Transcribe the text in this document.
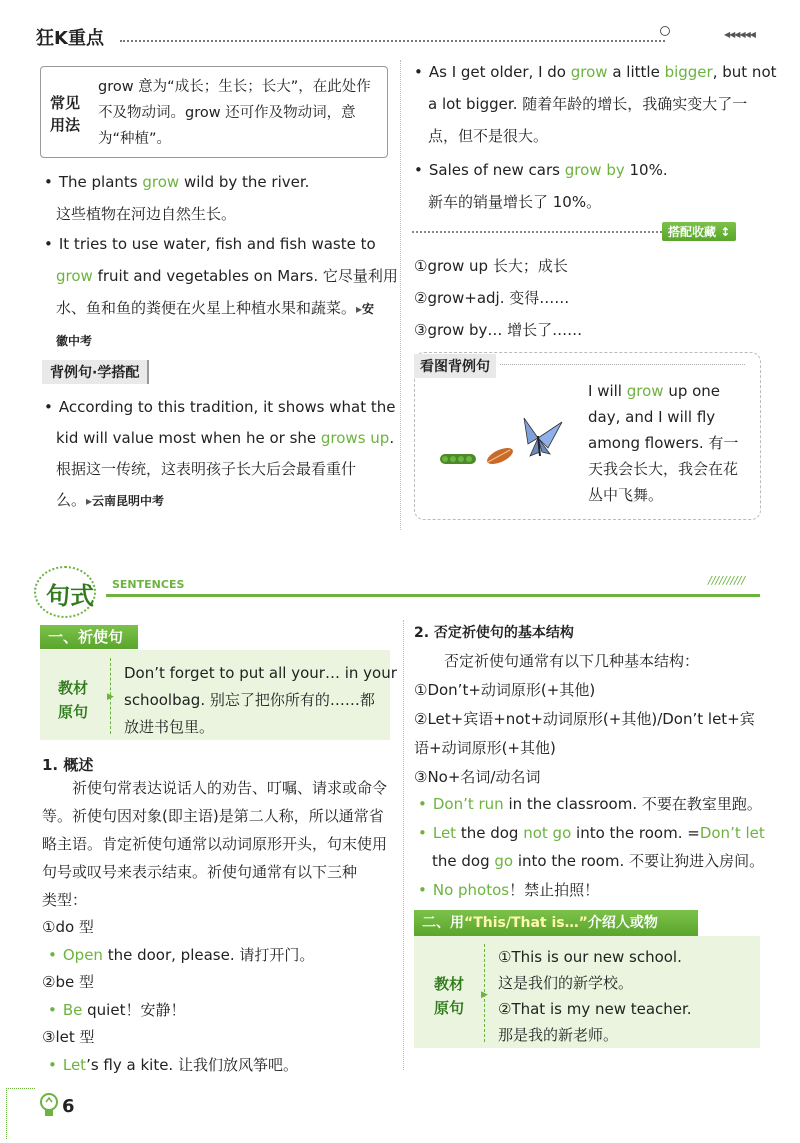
狂K重点	◀◀◀◀◀◀
常见
用法
grow 意为“成长；生长；长大”，在此处作
不及物动词。grow 还可作及物动词，意
为“种植”。
• The plants grow wild by the river.
这些植物在河边自然生长。
• It tries to use water, fish and fish waste to
grow fruit and vegetables on Mars. 它尽量利用
水、鱼和鱼的粪便在火星上种植水果和蔬菜。▸安
徽中考
背例句·学搭配
• According to this tradition, it shows what the
kid will value most when he or she grows up.
根据这一传统，这表明孩子长大后会最看重什
么。▸云南昆明中考
• As I get older, I do grow a little bigger, but not
a lot bigger. 随着年龄的增长，我确实变大了一
点，但不是很大。
• Sales of new cars grow by 10%.
新车的销量增长了 10%。
搭配收藏 ↕
①grow up 长大；成长
②grow+adj. 变得……
③grow by… 增长了……
看图背例句
I will grow up one
day, and I will fly
among flowers. 有一
天我会长大，我会在花
丛中飞舞。
句式 SENTENCES	//////////
一、祈使句
教材
原句
▶
Don’t forget to put all your… in your
schoolbag. 别忘了把你所有的……都
放进书包里。
1. 概述
祈使句常表达说话人的劝告、叮嘱、请求或命令
等。祈使句因对象(即主语)是第二人称，所以通常省
略主语。肯定祈使句通常以动词原形开头，句末使用
句号或叹号来表示结束。祈使句通常有以下三种
类型：
①do 型
• Open the door, please. 请打开门。
②be 型
• Be quiet！安静！
③let 型
• Let’s fly a kite. 让我们放风筝吧。
6
2. 否定祈使句的基本结构
否定祈使句通常有以下几种基本结构：
①Don’t+动词原形(+其他)
②Let+宾语+not+动词原形(+其他)/Don’t let+宾
语+动词原形(+其他)
③No+名词/动名词
• Don’t run in the classroom. 不要在教室里跑。
• Let the dog not go into the room. =Don’t let
the dog go into the room. 不要让狗进入房间。
• No photos！禁止拍照！
二、用“This/That is…”介绍人或物
教材
原句
▶
①This is our new school.
这是我们的新学校。
②That is my new teacher.
那是我的新老师。
